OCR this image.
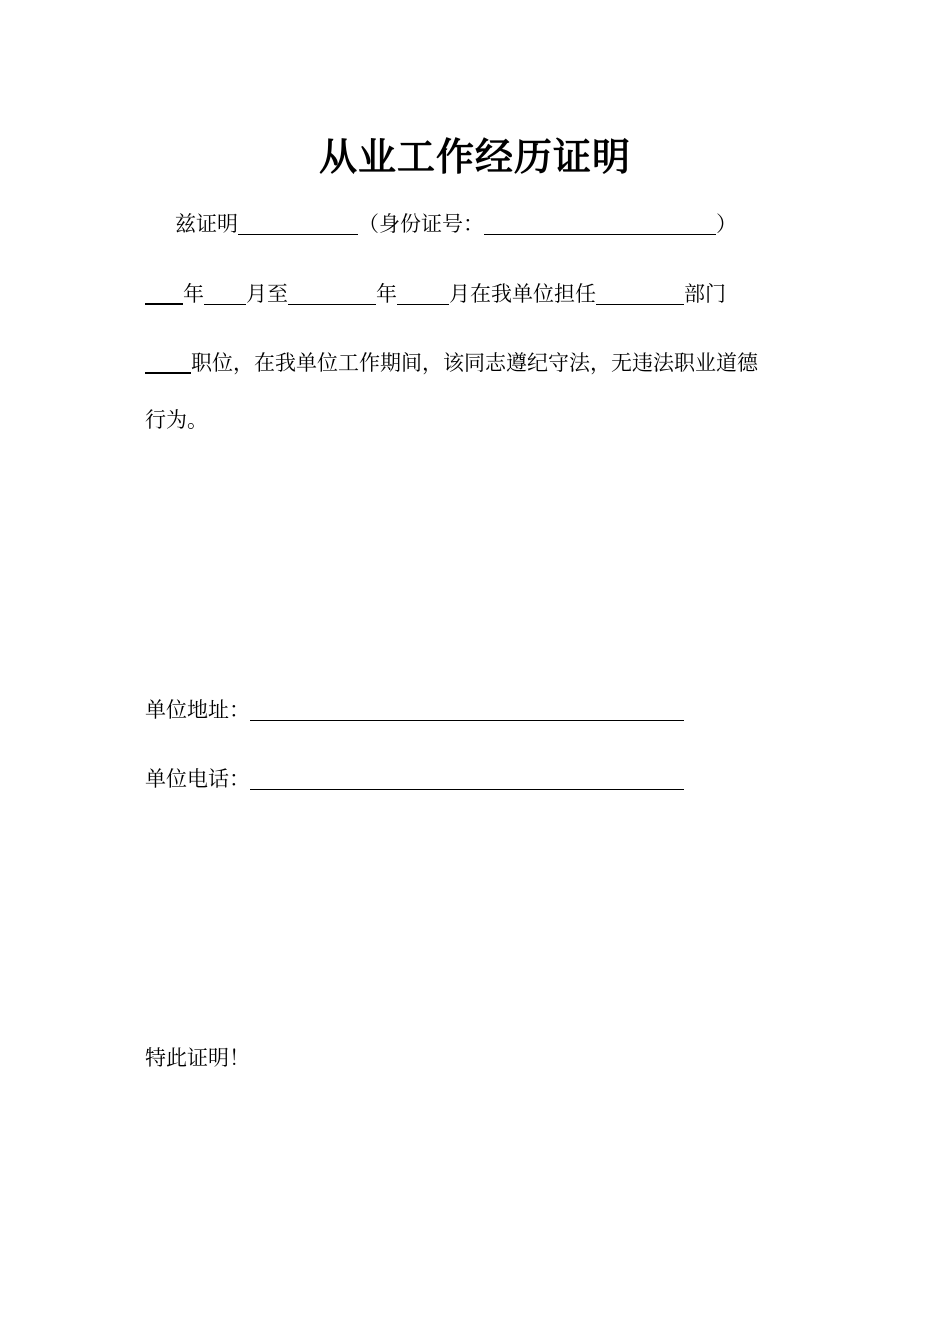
从业工作经历证明
兹证明	（身份证号：	）
年 月至	年 月在我单位担任	部门
职位，在我单位工作期间，该同志遵纪守法，无违法职业道德
行为。
单位地址：
单位电话：
特此证明！
